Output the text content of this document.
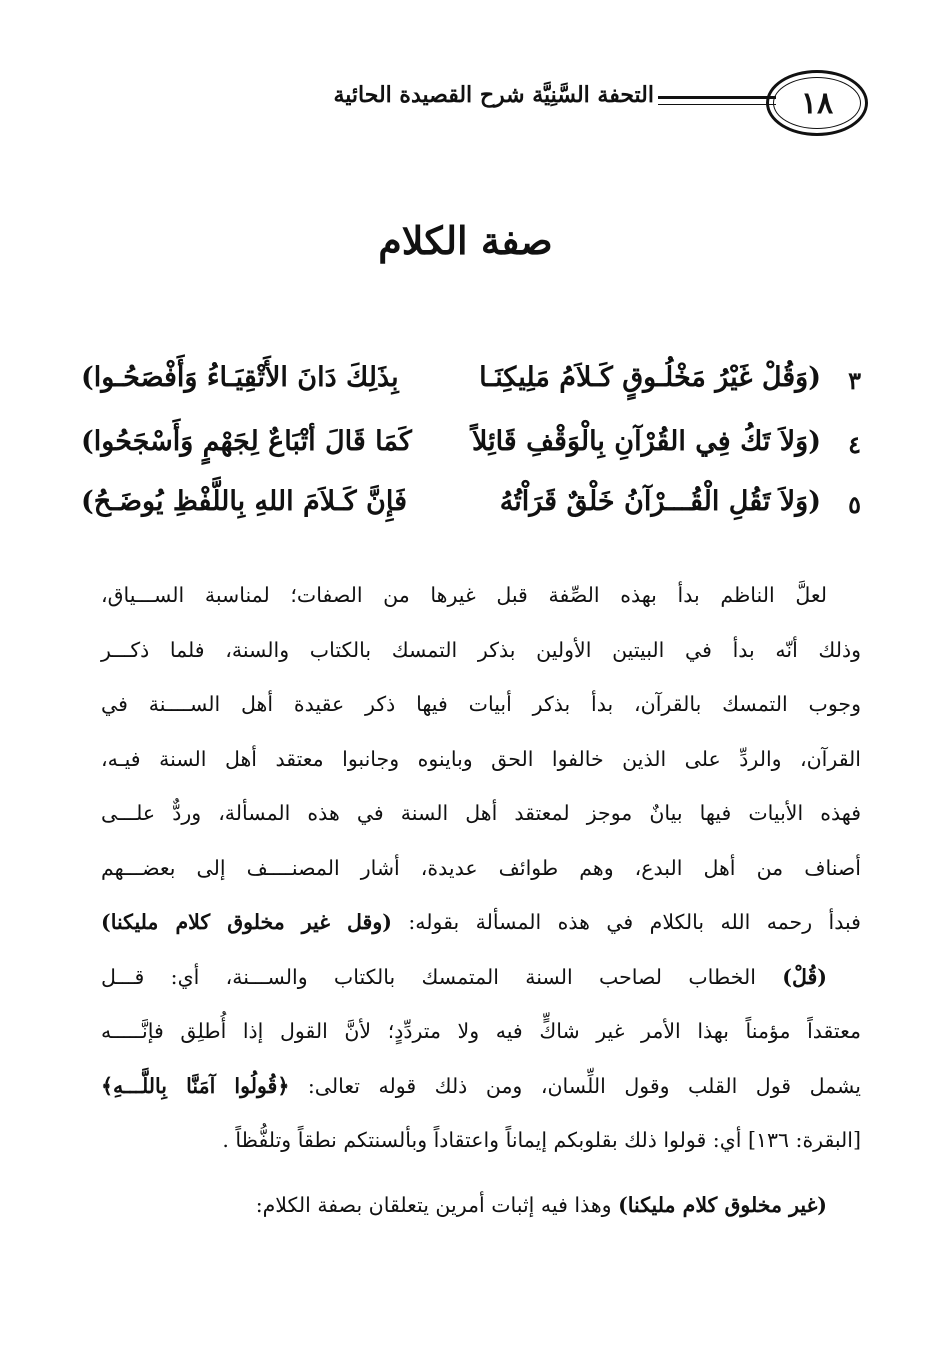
١٨
التحفة السَّنِيَّة شرح القصيدة الحائية
صفة الكلام
٣
(وَقُلْ غَيْرُ مَخْلُـوقٍ كَـلاَمُ مَلِيكِنَـا
بِذَلِكَ دَانَ الأَتْقِيَـاءُ وَأَفْصَحُـوا)
٤
(وَلاَ تَكُ فِي القُرْآنِ بِالْوَقْفِ قَائِلاً
كَمَا قَالَ أتْبَاعٌ لِجَهْمٍ وَأَسْجَحُوا)
٥
(وَلاَ تَقُلِ الْقُـــرْآنُ خَلْقٌ قَرَاْتُهُ
فَإِنَّ كَـلاَمَ اللهِ بِاللَّفْظِ يُوضَـحُ)

لعلَّ الناظم بدأ بهذه الصِّفة قبل غيرها من الصفات؛ لمناسبة الســـياق،

وذلك أنّه بدأ في البيتين الأولين بذكر التمسك بالكتاب والسنة، فلما ذكـــر

وجوب التمسك بالقرآن، بدأ بذكر أبيات فيها ذكر عقيدة أهل الســــنة في

القرآن، والردِّ على الذين خالفوا الحق وباينوه وجانبوا معتقد أهل السنة فيـه،

فهذه الأبيات فيها بيانٌ موجز لمعتقد أهل السنة في هذه المسألة، وردٌّ علـــى

أصناف من أهل البدع، وهم طوائف عديدة، أشار المصنــــف إلى بعضـــهم

فبدأ رحمه الله بالكلام في هذه المسألة بقوله: (وقل غير مخلوق كلام مليكنا)

(قُلْ) الخطاب لصاحب السنة المتمسك بالكتاب والســـنة، أي: قـــل

معتقداً مؤمناً بهذا الأمر غير شاكٍّ فيه ولا متردِّدٍ؛ لأنَّ القول إذا أُطلِق فإنَّـــــه

يشمل قول القلب وقول اللِّسان، ومن ذلك قوله تعالى: ﴿قُولُوا آمَنَّا بِاللَّـــهِ﴾

[البقرة: ١٣٦] أي: قولوا ذلك بقلوبكم إيماناً واعتقاداً وبألسنتكم نطقاً وتلفُّظاً .

(غير مخلوق كلام مليكنا) وهذا فيه إثبات أمرين يتعلقان بصفة الكلام:
